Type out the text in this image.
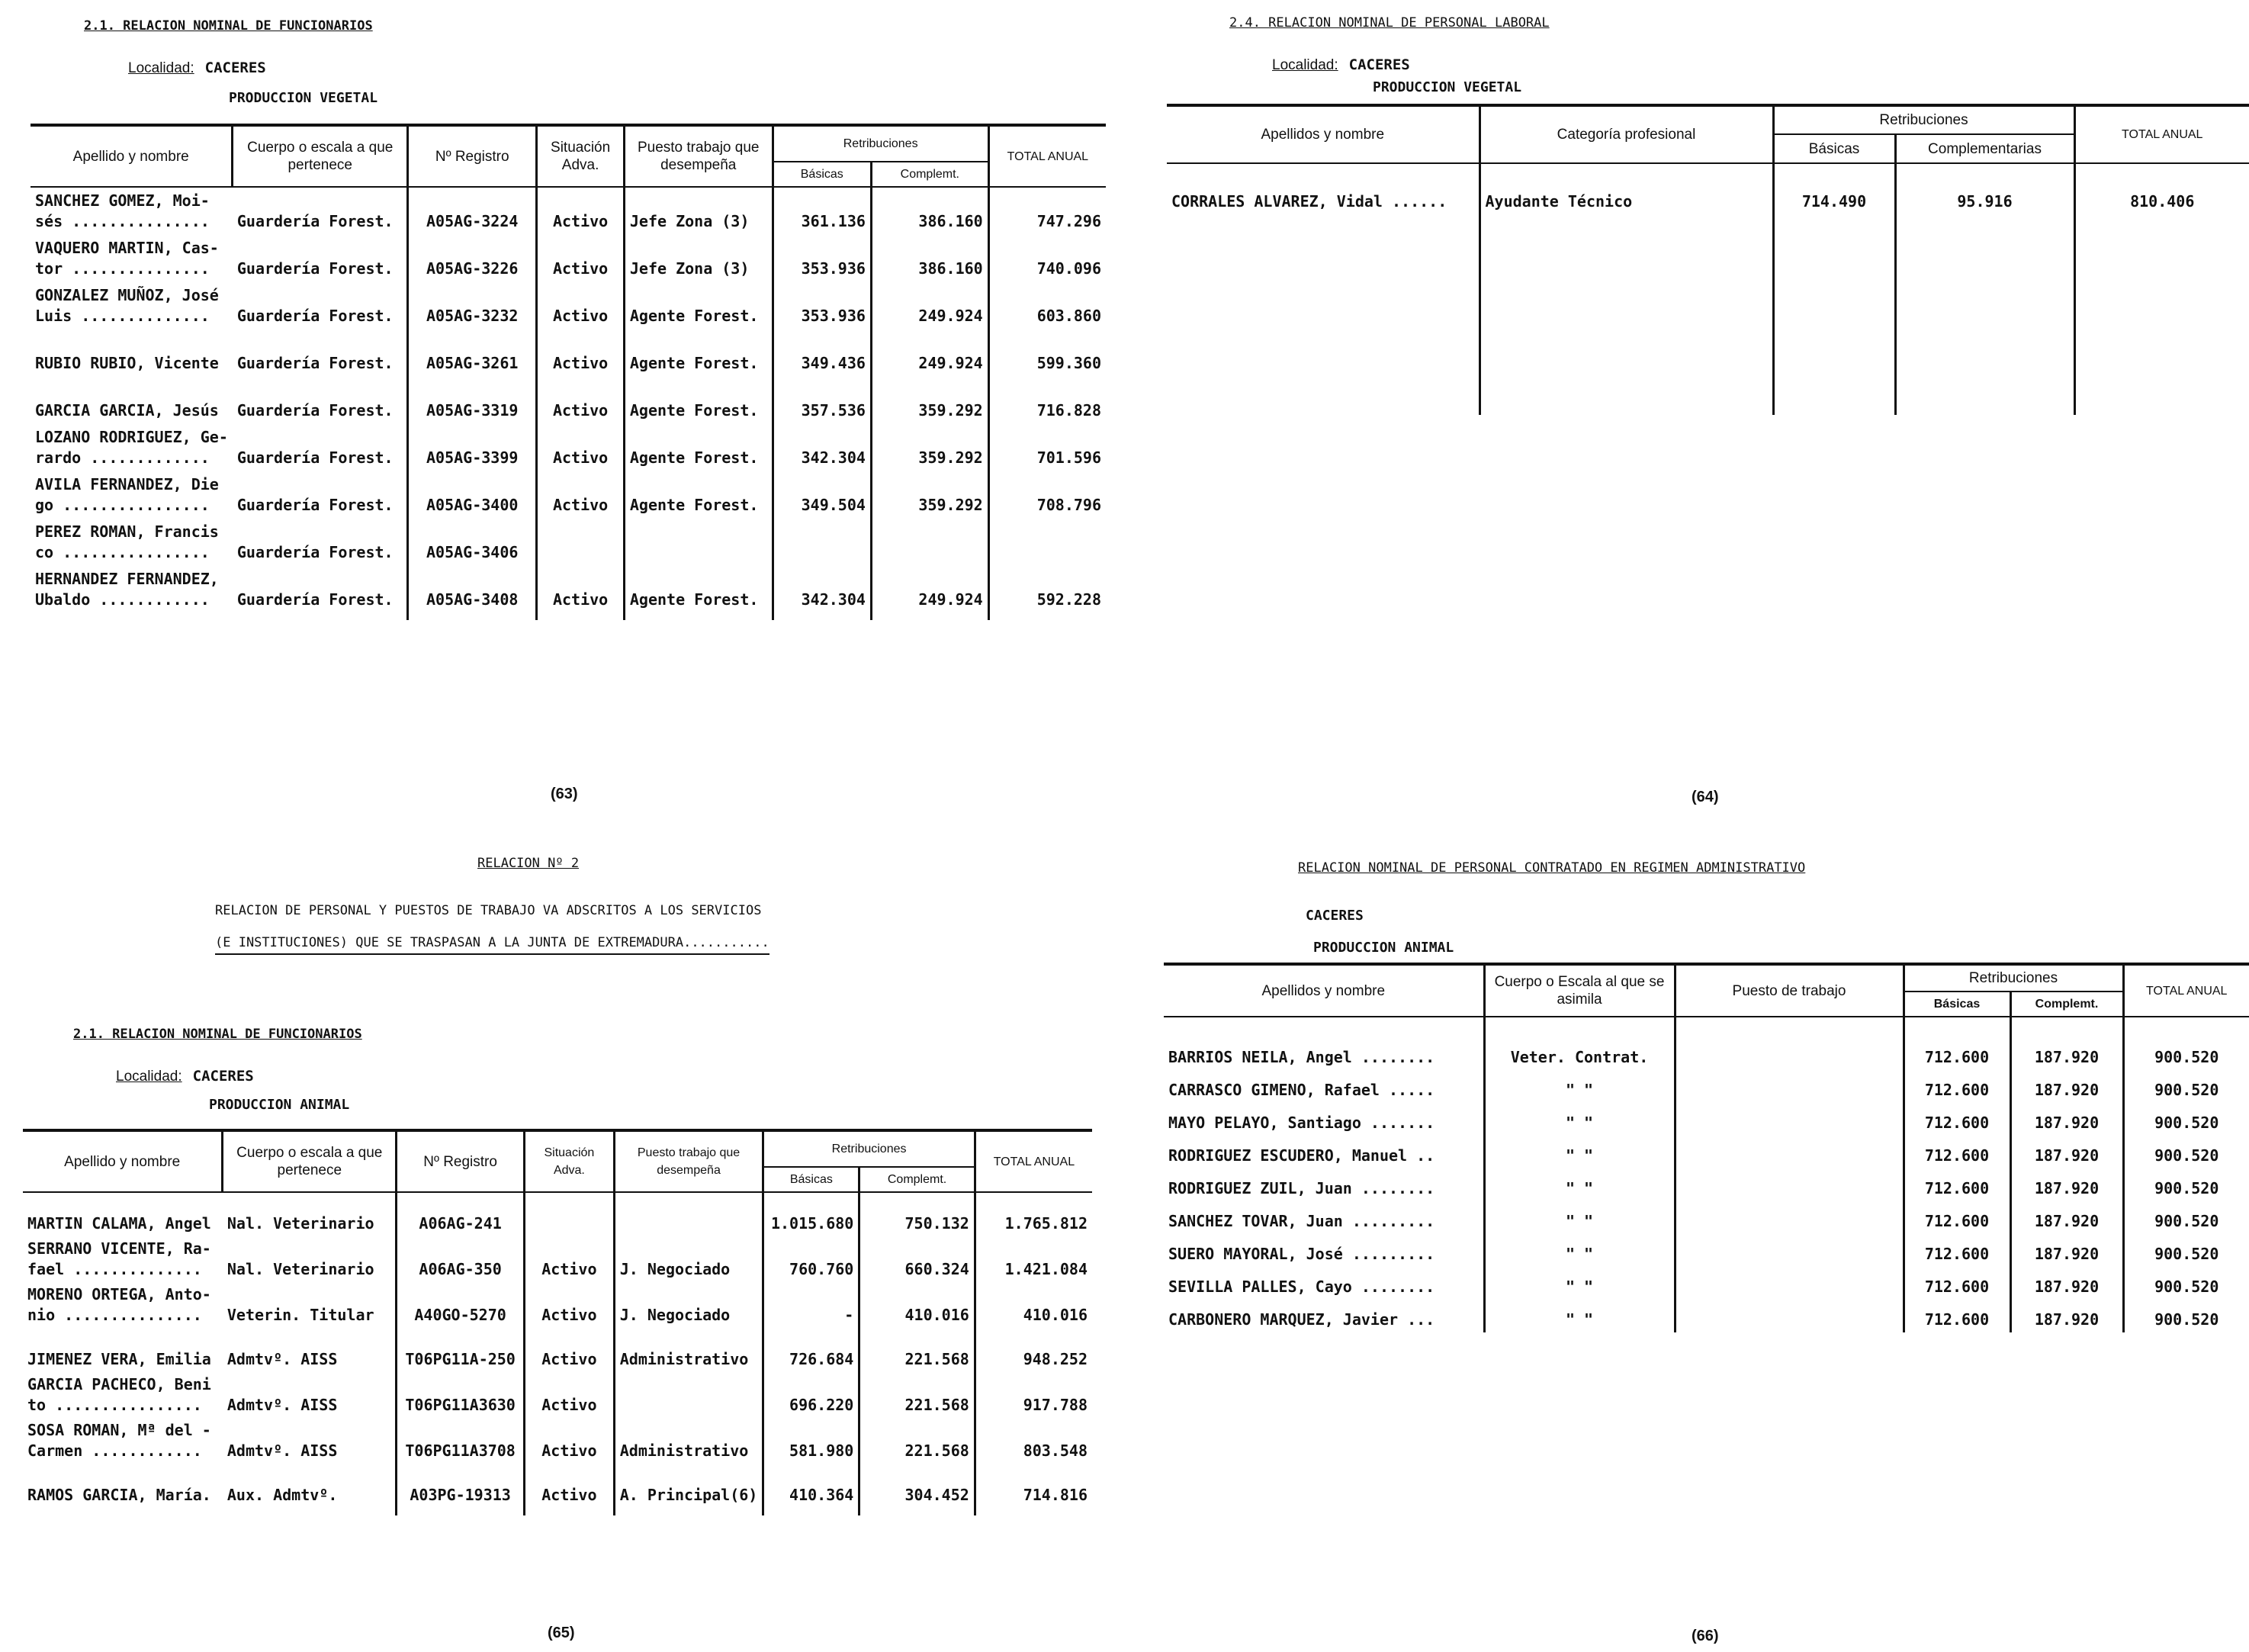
2.1. RELACION NOMINAL DE FUNCIONARIOS
Localidad: CACERES
PRODUCCION VEGETAL
Apellido y nombre	Cuerpo o escala a que pertenece	Nº Registro	Situación Adva.	Puesto trabajo que desempeña	Retribuciones		TOTAL ANUAL
					Básicas	Complemt.	

SANCHEZ GOMEZ, Moi-
sés ...............	Guardería Forest.	A05AG-3224	Activo	Jefe Zona (3)	361.136	386.160	747.296

VAQUERO MARTIN, Cas-
tor ...............	Guardería Forest.	A05AG-3226	Activo	Jefe Zona (3)	353.936	386.160	740.096

GONZALEZ MUÑOZ, José
Luis ..............	Guardería Forest.	A05AG-3232	Activo	Agente Forest.	353.936	249.924	603.860

RUBIO RUBIO, Vicente	Guardería Forest.	A05AG-3261	Activo	Agente Forest.	349.436	249.924	599.360

GARCIA GARCIA, Jesús	Guardería Forest.	A05AG-3319	Activo	Agente Forest.	357.536	359.292	716.828

LOZANO RODRIGUEZ, Ge-
rardo .............	Guardería Forest.	A05AG-3399	Activo	Agente Forest.	342.304	359.292	701.596

AVILA FERNANDEZ, Die
go ................	Guardería Forest.	A05AG-3400	Activo	Agente Forest.	349.504	359.292	708.796

PEREZ ROMAN, Francis
co ................	Guardería Forest.	A05AG-3406					

HERNANDEZ FERNANDEZ,
Ubaldo ............	Guardería Forest.	A05AG-3408	Activo	Agente Forest.	342.304	249.924	592.228

(63)
2.4. RELACION NOMINAL DE PERSONAL LABORAL
Localidad: CACERES
PRODUCCION VEGETAL
Apellidos y nombre	Categoría profesional	Retribuciones		TOTAL ANUAL
		Básicas	Complementarias	
CORRALES ALVAREZ, Vidal ......	Ayudante Técnico	714.490	95.916	810.406

(64)
RELACION Nº 2
RELACION DE PERSONAL Y PUESTOS DE TRABAJO VA ADSCRITOS A LOS SERVICIOS
(E INSTITUCIONES) QUE SE TRASPASAN A LA JUNTA DE EXTREMADURA...........
2.1. RELACION NOMINAL DE FUNCIONARIOS
Localidad: CACERES
PRODUCCION ANIMAL
Apellido y nombre	Cuerpo o escala a que pertenece	Nº Registro	Situación Adva.	Puesto trabajo que desempeña	Retribuciones		TOTAL ANUAL
					Básicas	Complemt.	

MARTIN CALAMA, Angel	Nal. Veterinario	A06AG-241			1.015.680	750.132	1.765.812

SERRANO VICENTE, Ra-
fael ..............	Nal. Veterinario	A06AG-350	Activo	J. Negociado	760.760	660.324	1.421.084

MORENO ORTEGA, Anto-
nio ...............	Veterin. Titular	A40GO-5270	Activo	J. Negociado	-	410.016	410.016

JIMENEZ VERA, Emilia	Admtvº. AISS	T06PG11A-250	Activo	Administrativo	726.684	221.568	948.252

GARCIA PACHECO, Beni
to ................	Admtvº. AISS	T06PG11A3630	Activo		696.220	221.568	917.788

SOSA ROMAN, Mª del -
Carmen ............	Admtvº. AISS	T06PG11A3708	Activo	Administrativo	581.980	221.568	803.548

RAMOS GARCIA, María.	Aux. Admtvº.	A03PG-19313	Activo	A. Principal(6)	410.364	304.452	714.816

(65)
RELACION NOMINAL DE PERSONAL CONTRATADO EN REGIMEN ADMINISTRATIVO
CACERES
PRODUCCION ANIMAL
Apellidos y nombre	Cuerpo o Escala al que se asimila	Puesto de trabajo	Retribuciones		TOTAL ANUAL
			Básicas	Complemt.	
BARRIOS NEILA, Angel ........	Veter. Contrat.		712.600	187.920	900.520
CARRASCO GIMENO, Rafael .....	" "		712.600	187.920	900.520
MAYO PELAYO, Santiago .......	" "		712.600	187.920	900.520
RODRIGUEZ ESCUDERO, Manuel ..	" "		712.600	187.920	900.520
RODRIGUEZ ZUIL, Juan ........	" "		712.600	187.920	900.520
SANCHEZ TOVAR, Juan .........	" "		712.600	187.920	900.520
SUERO MAYORAL, José .........	" "		712.600	187.920	900.520
SEVILLA PALLES, Cayo ........	" "		712.600	187.920	900.520
CARBONERO MARQUEZ, Javier ...	" "		712.600	187.920	900.520
(66)
